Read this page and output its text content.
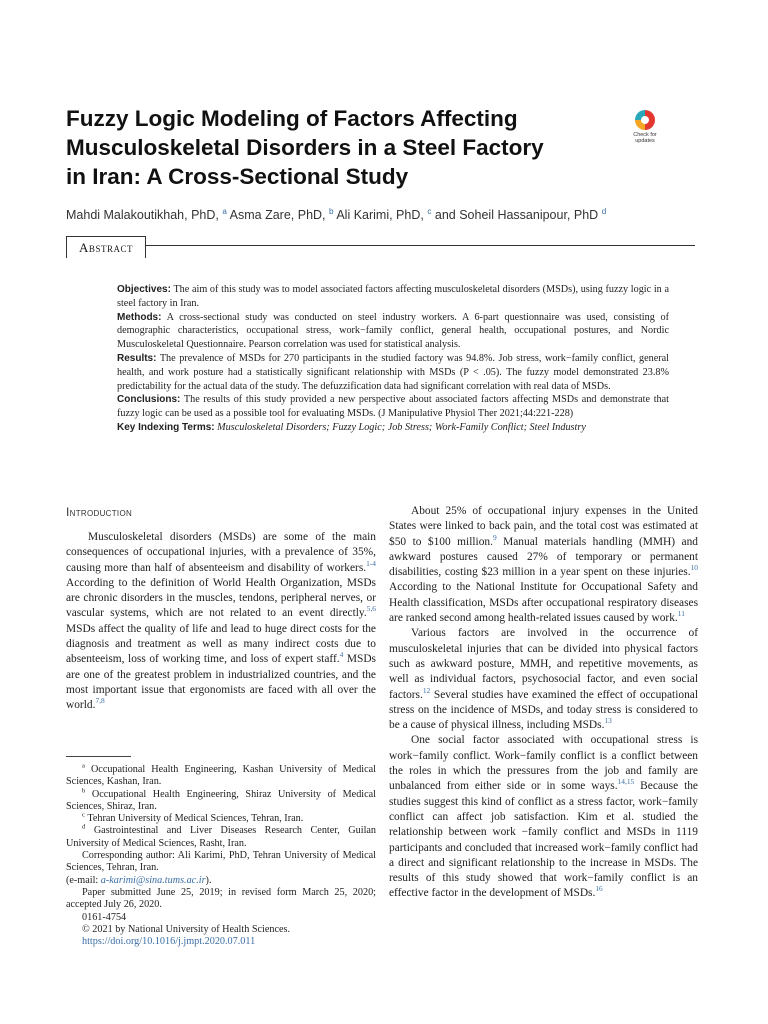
Fuzzy Logic Modeling of Factors Affecting
Musculoskeletal Disorders in a Steel Factory
in Iran: A Cross-Sectional Study
Check for
updates
Mahdi Malakoutikhah, PhD, $^a$ Asma Zare, PhD, $^b$ Ali Karimi, PhD, $^c$ and Soheil Hassanipour, PhD $^d$
Abstract

Objectives: The aim of this study was to model associated factors affecting musculoskeletal disorders (MSDs), using fuzzy logic in a steel factory in Iran.

Methods: A cross-sectional study was conducted on steel industry workers. A 6-part questionnaire was used, consisting of demographic characteristics, occupational stress, work−family conflict, general health, occupational postures, and Nordic Musculoskeletal Questionnaire. Pearson correlation was used for statistical analysis.

Results: The prevalence of MSDs for 270 participants in the studied factory was 94.8%. Job stress, work−family conflict, general health, and work posture had a statistically significant relationship with MSDs (P < .05). The fuzzy model demonstrated 23.8% predictability for the actual data of the study. The defuzzification data had significant correlation with real data of MSDs.

Conclusions: The results of this study provided a new perspective about associated factors affecting MSDs and demonstrate that fuzzy logic can be used as a possible tool for evaluating MSDs. (J Manipulative Physiol Ther 2021;44:221-228)

Key Indexing Terms: Musculoskeletal Disorders; Fuzzy Logic; Job Stress; Work-Family Conflict; Steel Industry

Introduction

Musculoskeletal disorders (MSDs) are some of the main consequences of occupational injuries, with a prevalence of 35%, causing more than half of absenteeism and disability of workers.$^{1-4}$ According to the definition of World Health Organization, MSDs are chronic disorders in the muscles, tendons, peripheral nerves, or vascular systems, which are not related to an event directly.$^{5,6}$ MSDs affect the quality of life and lead to huge direct costs for the diagnosis and treatment as well as many indirect costs due to absenteeism, loss of working time, and loss of expert staff.$^4$ MSDs are one of the greatest problem in industrialized countries, and the most important issue that ergonomists are faced with all over the world.$^{7,8}$

$^a$ Occupational Health Engineering, Kashan University of Medical Sciences, Kashan, Iran.

$^b$ Occupational Health Engineering, Shiraz University of Medical Sciences, Shiraz, Iran.

$^c$ Tehran University of Medical Sciences, Tehran, Iran.

$^d$ Gastrointestinal and Liver Diseases Research Center, Guilan University of Medical Sciences, Rasht, Iran.

Corresponding author: Ali Karimi, PhD, Tehran University of Medical Sciences, Tehran, Iran.

(e-mail: a-karimi@sina.tums.ac.ir).

Paper submitted June 25, 2019; in revised form March 25, 2020; accepted July 26, 2020.

0161-4754

© 2021 by National University of Health Sciences.

https://doi.org/10.1016/j.jmpt.2020.07.011

About 25% of occupational injury expenses in the United States were linked to back pain, and the total cost was estimated at $50 to $100 million.$^9$ Manual materials handling (MMH) and awkward postures caused 27% of temporary or permanent disabilities, costing $23 million in a year spent on these injuries.$^{10}$ According to the National Institute for Occupational Safety and Health classification, MSDs after occupational respiratory diseases are ranked second among health-related issues caused by work.$^{11}$

Various factors are involved in the occurrence of musculoskeletal injuries that can be divided into physical factors such as awkward posture, MMH, and repetitive movements, as well as individual factors, psychosocial factor, and even social factors.$^{12}$ Several studies have examined the effect of occupational stress on the incidence of MSDs, and today stress is considered to be a cause of physical illness, including MSDs.$^{13}$

One social factor associated with occupational stress is work−family conflict. Work−family conflict is a conflict between the roles in which the pressures from the job and family are unbalanced from either side or in some ways.$^{14,15}$ Because the studies suggest this kind of conflict as a stress factor, work−family conflict can affect job satisfaction. Kim et al. studied the relationship between work −family conflict and MSDs in 1119 participants and concluded that increased work−family conflict had a direct and significant relationship to the increase in MSDs. The results of this study showed that work−family conflict is an effective factor in the development of MSDs.$^{16}$
